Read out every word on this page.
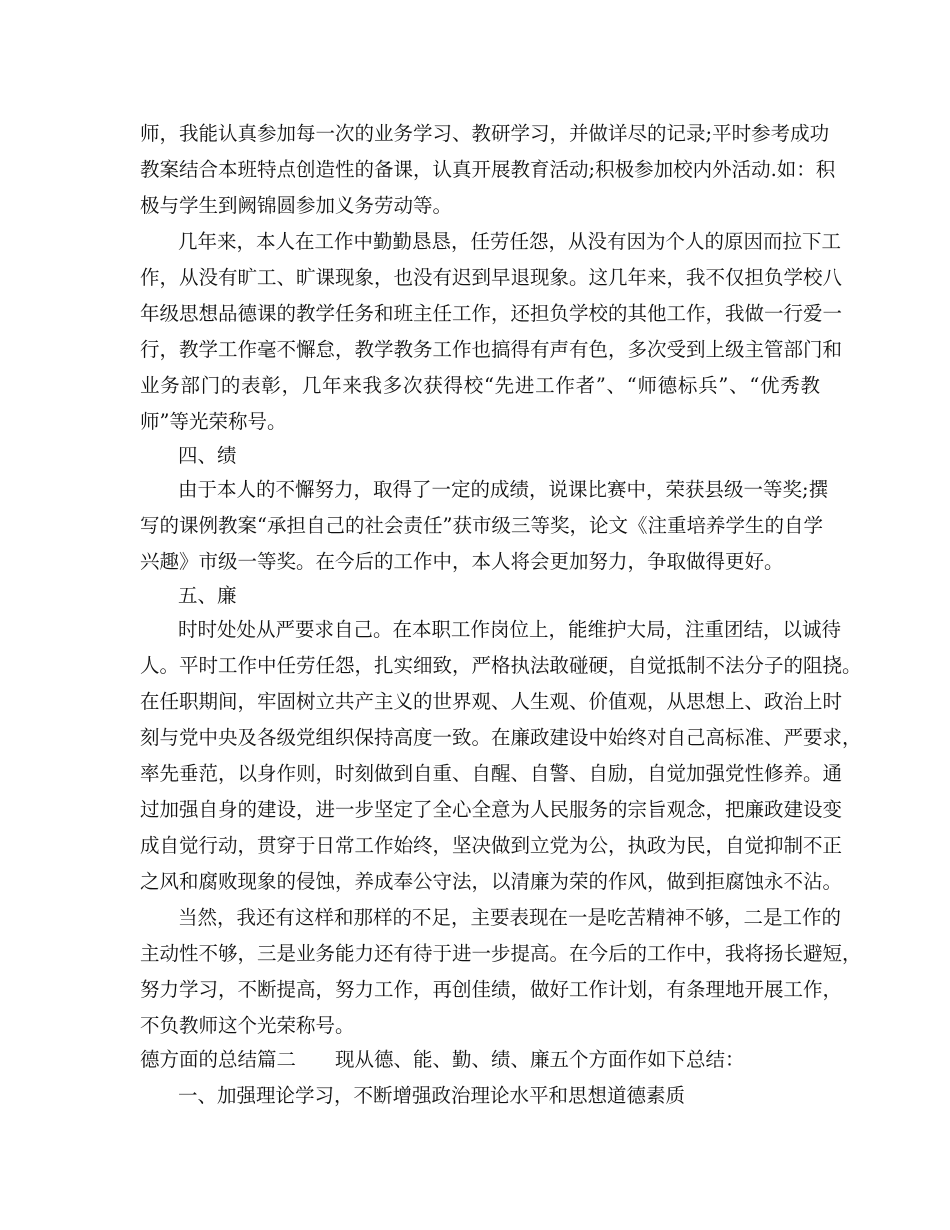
师，我能认真参加每一次的业务学习、教研学习，并做详尽的记录;平时参考成功
教案结合本班特点创造性的备课，认真开展教育活动;积极参加校内外活动.如：积
极与学生到阙锦圆参加义务劳动等。
几年来，本人在工作中勤勤恳恳，任劳任怨，从没有因为个人的原因而拉下工
作，从没有旷工、旷课现象，也没有迟到早退现象。这几年来，我不仅担负学校八
年级思想品德课的教学任务和班主任工作，还担负学校的其他工作，我做一行爱一
行，教学工作毫不懈怠，教学教务工作也搞得有声有色，多次受到上级主管部门和
业务部门的表彰，几年来我多次获得校“先进工作者”、“师德标兵”、“优秀教
师”等光荣称号。
四、绩
由于本人的不懈努力，取得了一定的成绩，说课比赛中，荣获县级一等奖;撰
写的课例教案“承担自己的社会责任”获市级三等奖，论文《注重培养学生的自学
兴趣》市级一等奖。在今后的工作中，本人将会更加努力，争取做得更好。
五、廉
时时处处从严要求自己。在本职工作岗位上，能维护大局，注重团结，以诚待
人。平时工作中任劳任怨，扎实细致，严格执法敢碰硬，自觉抵制不法分子的阻挠。
在任职期间，牢固树立共产主义的世界观、人生观、价值观，从思想上、政治上时
刻与党中央及各级党组织保持高度一致。在廉政建设中始终对自己高标准、严要求，
率先垂范，以身作则，时刻做到自重、自醒、自警、自励，自觉加强党性修养。通
过加强自身的建设，进一步坚定了全心全意为人民服务的宗旨观念，把廉政建设变
成自觉行动，贯穿于日常工作始终，坚决做到立党为公，执政为民，自觉抑制不正
之风和腐败现象的侵蚀，养成奉公守法，以清廉为荣的作风，做到拒腐蚀永不沾。
当然，我还有这样和那样的不足，主要表现在一是吃苦精神不够，二是工作的
主动性不够，三是业务能力还有待于进一步提高。在今后的工作中，我将扬长避短，
努力学习，不断提高，努力工作，再创佳绩，做好工作计划，有条理地开展工作，
不负教师这个光荣称号。
德方面的总结篇二　　现从德、能、勤、绩、廉五个方面作如下总结：
一、加强理论学习，不断增强政治理论水平和思想道德素质
